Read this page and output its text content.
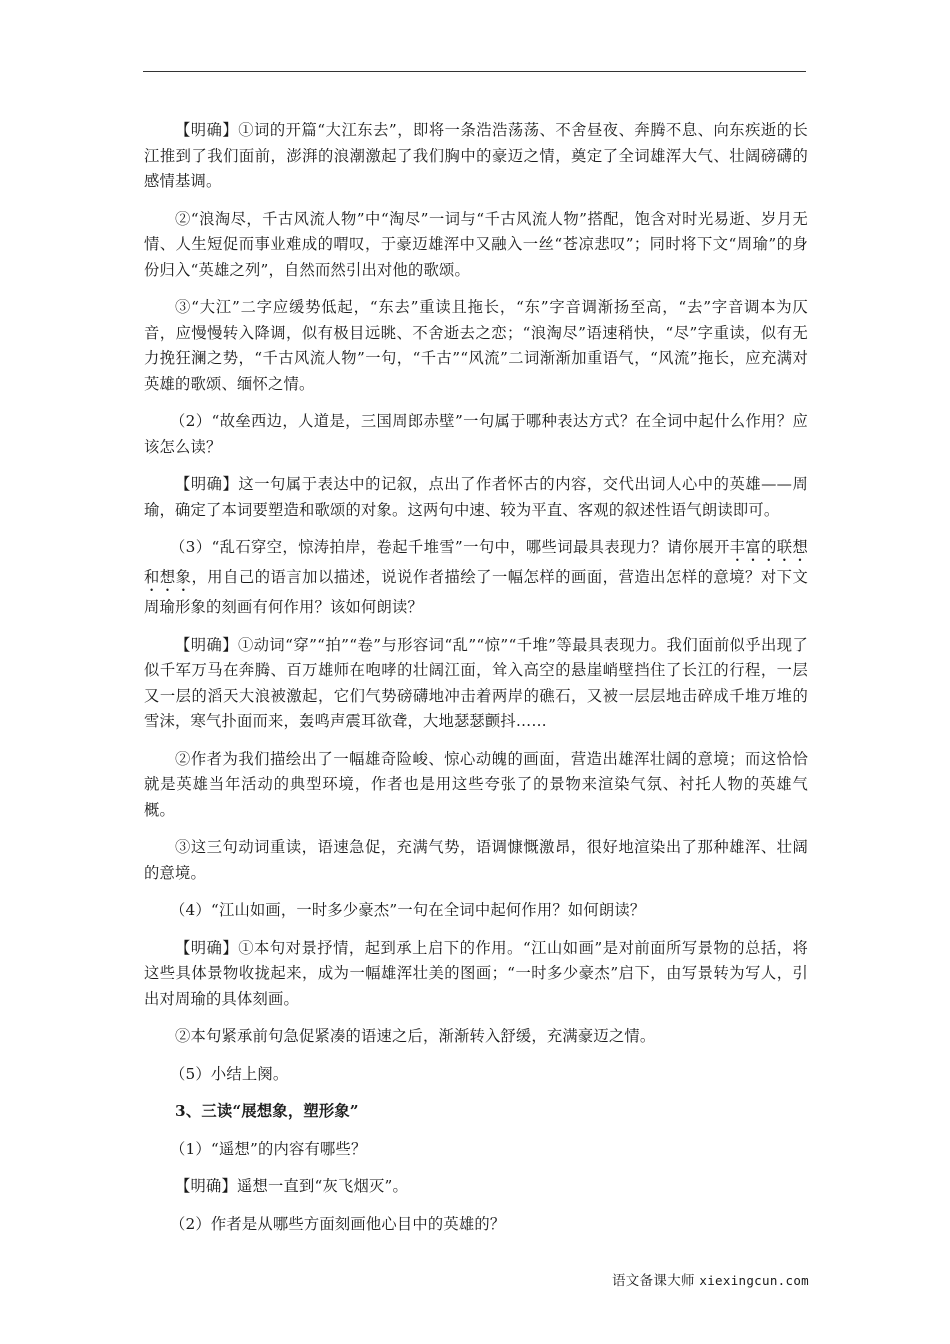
【明确】①词的开篇“大江东去”，即将一条浩浩荡荡、不舍昼夜、奔腾不息、向东疾逝的长江推到了我们面前，澎湃的浪潮激起了我们胸中的豪迈之情，奠定了全词雄浑大气、壮阔磅礴的感情基调。

②“浪淘尽，千古风流人物”中“淘尽”一词与“千古风流人物”搭配，饱含对时光易逝、岁月无情、人生短促而事业难成的喟叹，于豪迈雄浑中又融入一丝“苍凉悲叹”；同时将下文“周瑜”的身份归入“英雄之列”，自然而然引出对他的歌颂。

③“大江”二字应缓势低起，“东去”重读且拖长，“东”字音调渐扬至高，“去”字音调本为仄音，应慢慢转入降调，似有极目远眺、不舍逝去之恋；“浪淘尽”语速稍快，“尽”字重读，似有无力挽狂澜之势，“千古风流人物”一句，“千古”“风流”二词渐渐加重语气，“风流”拖长，应充满对英雄的歌颂、缅怀之情。

（2）“故垒西边，人道是，三国周郎赤壁”一句属于哪种表达方式？在全词中起什么作用？应该怎么读？

【明确】这一句属于表达中的记叙，点出了作者怀古的内容，交代出词人心中的英雄——周瑜，确定了本词要塑造和歌颂的对象。这两句中速、较为平直、客观的叙述性语气朗读即可。

（3）“乱石穿空，惊涛拍岸，卷起千堆雪”一句中，哪些词最具表现力？请你展开丰富的联想和想象，用自己的语言加以描述，说说作者描绘了一幅怎样的画面，营造出怎样的意境？对下文周瑜形象的刻画有何作用？该如何朗读？

【明确】①动词“穿”“拍”“卷”与形容词“乱”“惊”“千堆”等最具表现力。我们面前似乎出现了似千军万马在奔腾、百万雄师在咆哮的壮阔江面，耸入高空的悬崖峭壁挡住了长江的行程，一层又一层的滔天大浪被激起，它们气势磅礴地冲击着两岸的礁石，又被一层层地击碎成千堆万堆的雪沫，寒气扑面而来，轰鸣声震耳欲聋，大地瑟瑟颤抖……

②作者为我们描绘出了一幅雄奇险峻、惊心动魄的画面，营造出雄浑壮阔的意境；而这恰恰就是英雄当年活动的典型环境，作者也是用这些夸张了的景物来渲染气氛、衬托人物的英雄气概。

③这三句动词重读，语速急促，充满气势，语调慷慨激昂，很好地渲染出了那种雄浑、壮阔的意境。

（4）“江山如画，一时多少豪杰”一句在全词中起何作用？如何朗读？

【明确】①本句对景抒情，起到承上启下的作用。“江山如画”是对前面所写景物的总括，将这些具体景物收拢起来，成为一幅雄浑壮美的图画；“一时多少豪杰”启下，由写景转为写人，引出对周瑜的具体刻画。

②本句紧承前句急促紧凑的语速之后，渐渐转入舒缓，充满豪迈之情。

（5）小结上阕。

3、三读“展想象，塑形象”

（1）“遥想”的内容有哪些？

【明确】遥想一直到“灰飞烟灭”。

（2）作者是从哪些方面刻画他心目中的英雄的？

语文备课大师 xiexingcun.com
